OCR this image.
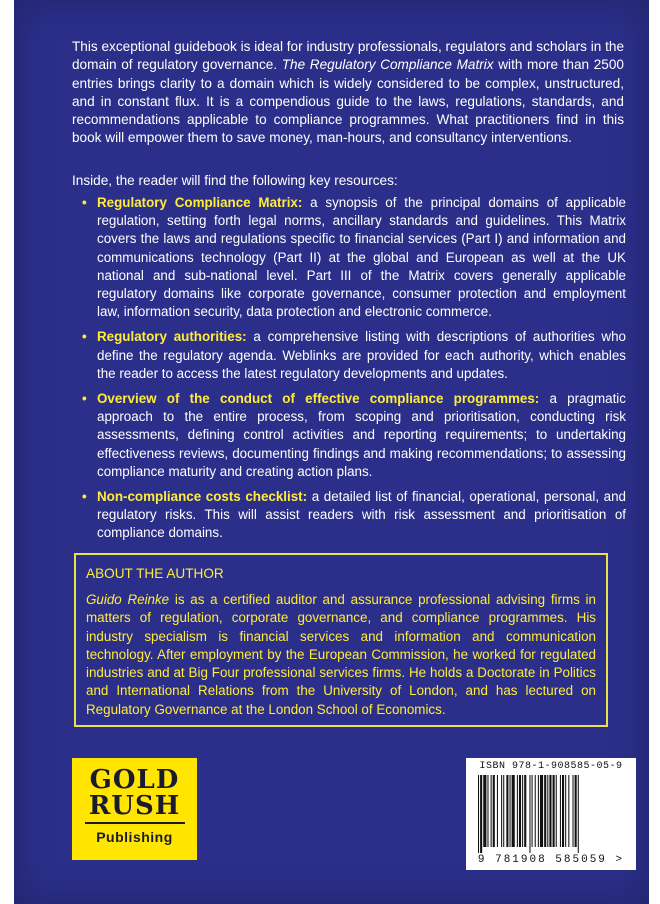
This exceptional guidebook is ideal for industry professionals, regulators and scholars in the domain of regulatory governance. The Regulatory Compliance Matrix with more than 2500 entries brings clarity to a domain which is widely considered to be complex, unstructured, and in constant flux. It is a compendious guide to the laws, regulations, standards, and recommendations applicable to compliance programmes. What practitioners find in this book will empower them to save money, man-hours, and consultancy interventions.

Inside, the reader will find the following key resources:
• Regulatory Compliance Matrix: a synopsis of the principal domains of applicable regulation, setting forth legal norms, ancillary standards and guidelines. This Matrix covers the laws and regulations specific to financial services (Part I) and information and communications technology (Part II) at the global and European as well at the UK national and sub-national level. Part III of the Matrix covers generally applicable regulatory domains like corporate governance, consumer protection and employment law, information security, data protection and electronic commerce.
• Regulatory authorities: a comprehensive listing with descriptions of authorities who define the regulatory agenda. Weblinks are provided for each authority, which enables the reader to access the latest regulatory developments and updates.
• Overview of the conduct of effective compliance programmes: a pragmatic approach to the entire process, from scoping and prioritisation, conducting risk assessments, defining control activities and reporting requirements; to undertaking effectiveness reviews, documenting findings and making recommendations; to assessing compliance maturity and creating action plans.
• Non-compliance costs checklist: a detailed list of financial, operational, personal, and regulatory risks. This will assist readers with risk assessment and prioritisation of compliance domains.
ABOUT THE AUTHOR
Guido Reinke is as a certified auditor and assurance professional advising firms in matters of regulation, corporate governance, and compliance programmes. His industry specialism is financial services and information and communication technology. After employment by the European Commission, he worked for regulated industries and at Big Four professional services firms. He holds a Doctorate in Politics and International Relations from the University of London, and has lectured on Regulatory Governance at the London School of Economics.
GOLD
RUSH
Publishing
ISBN 978-1-908585-05-9
9 781908 585059 >
